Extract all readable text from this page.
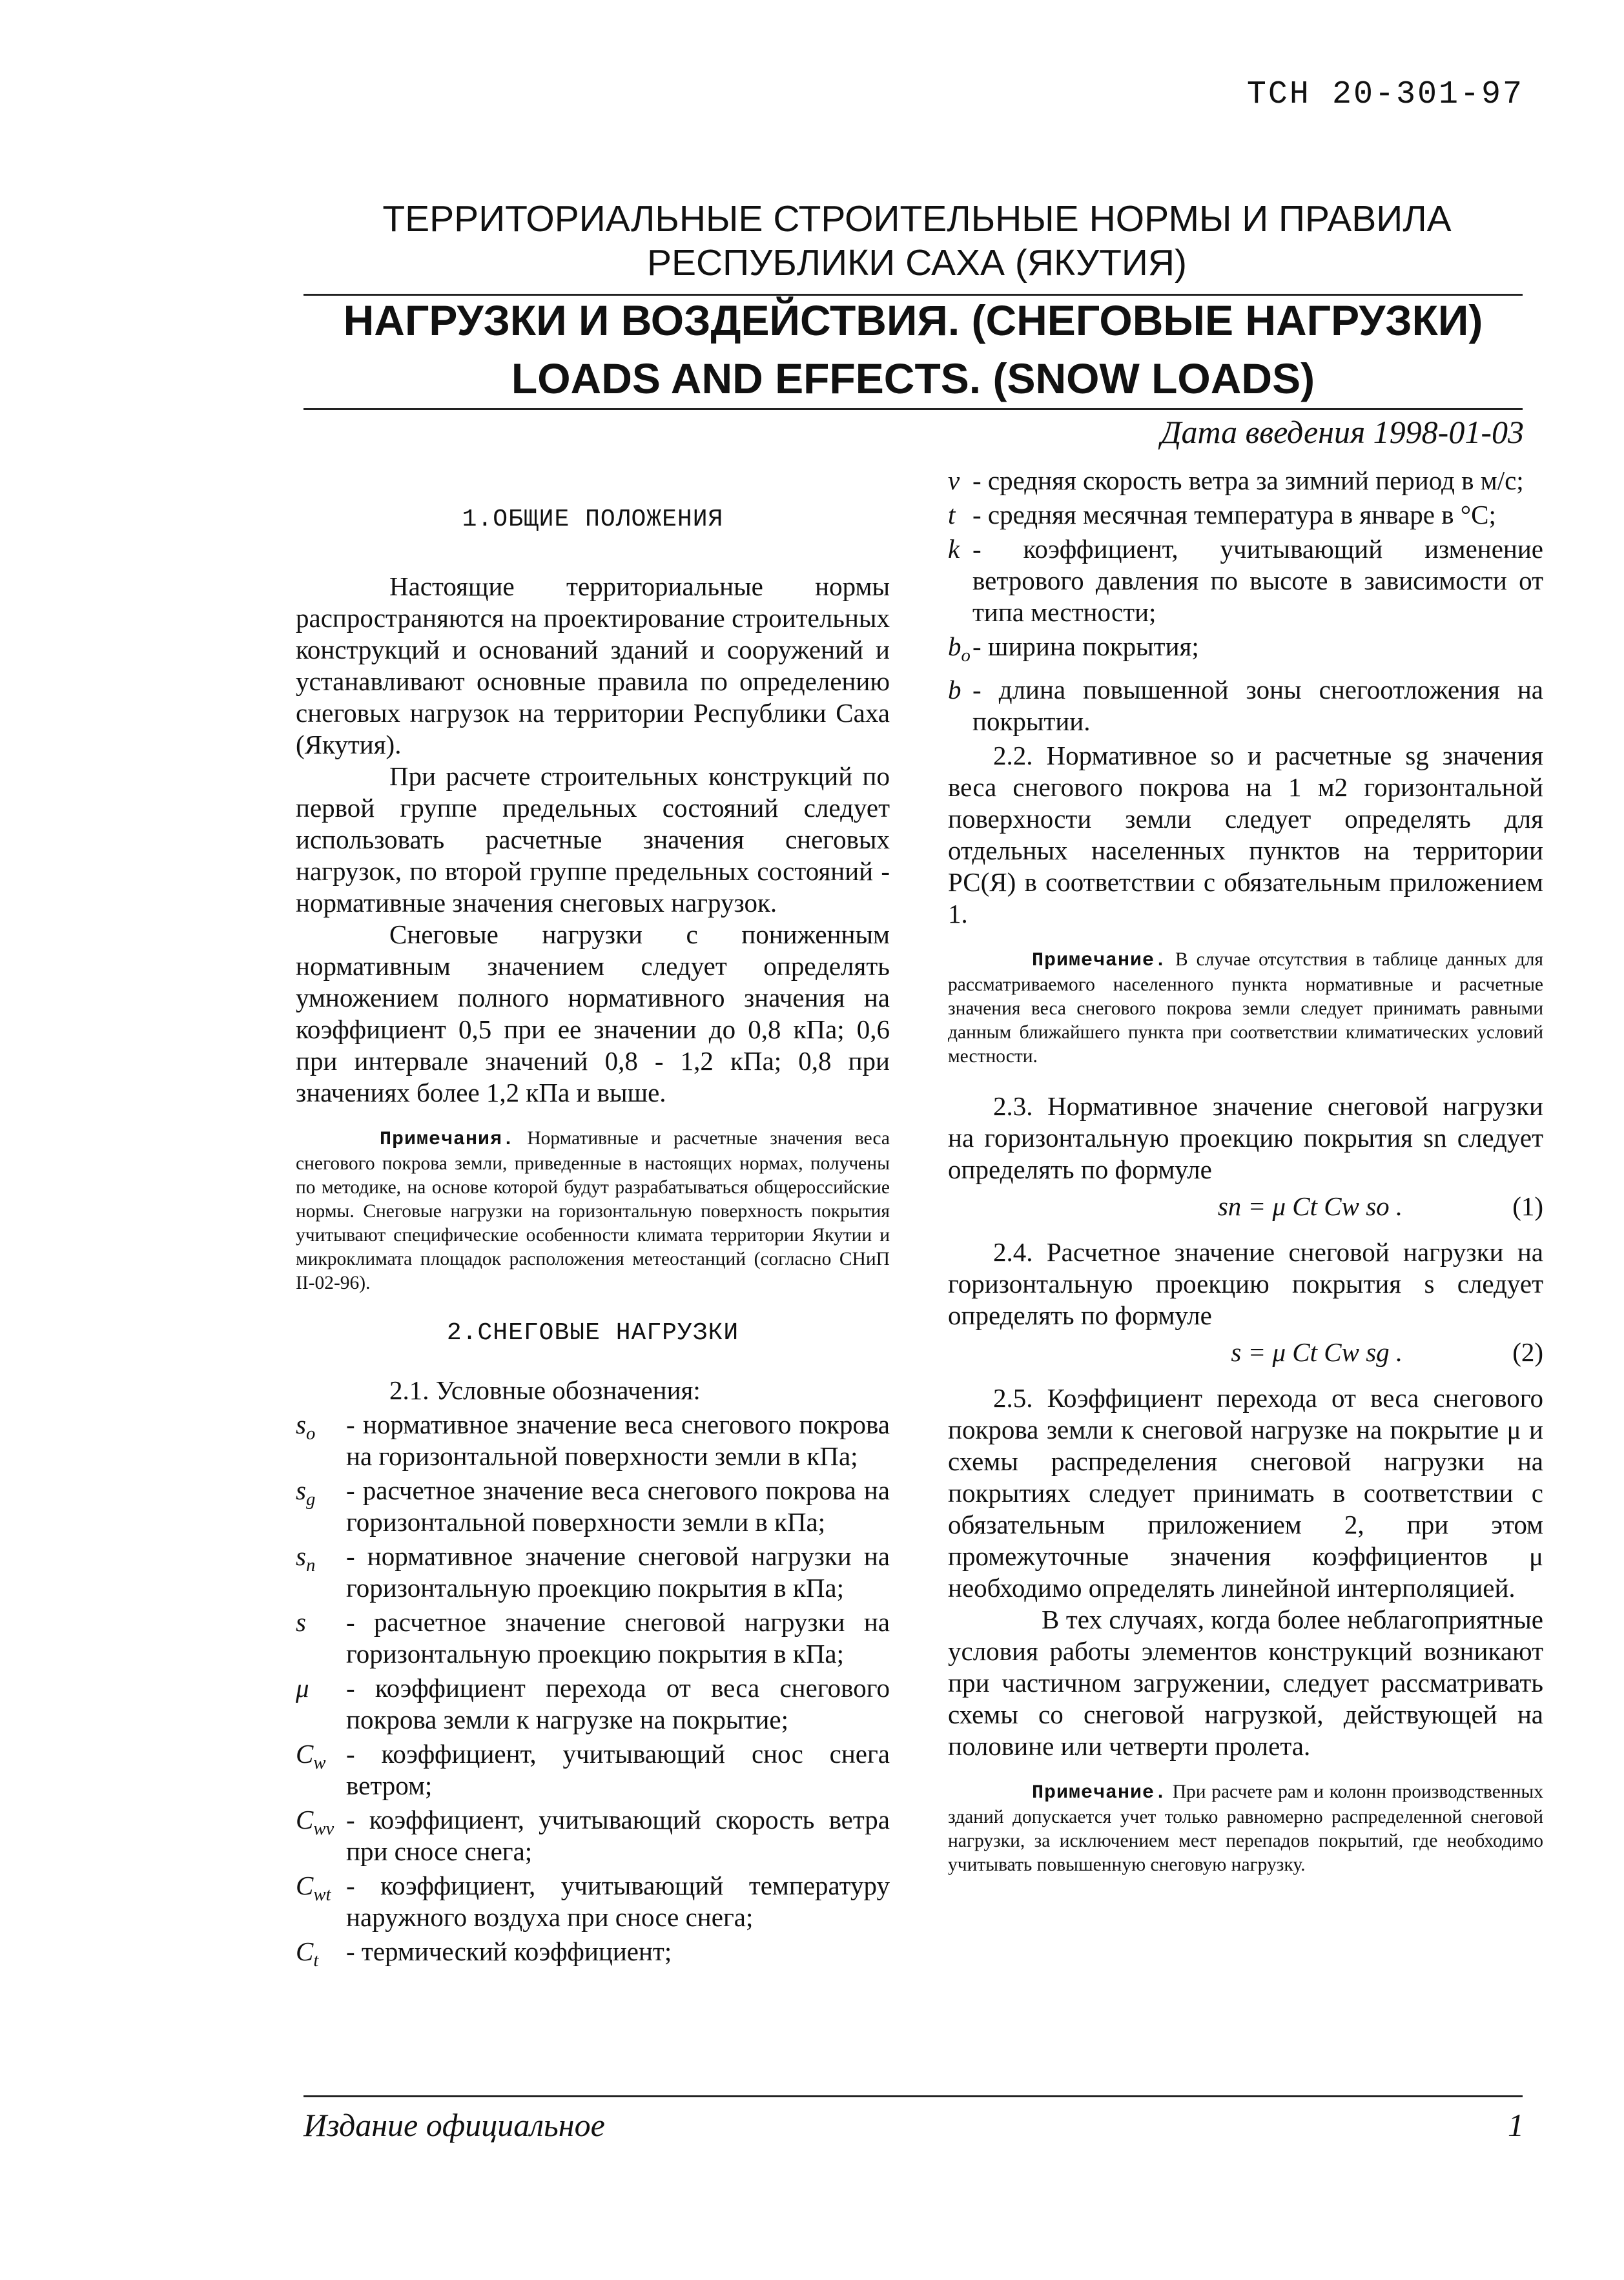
ТСН 20-301-97
ТЕРРИТОРИАЛЬНЫЕ СТРОИТЕЛЬНЫЕ НОРМЫ И ПРАВИЛА
РЕСПУБЛИКИ САХА (ЯКУТИЯ)
НАГРУЗКИ И ВОЗДЕЙСТВИЯ. (СНЕГОВЫЕ НАГРУЗКИ)
LOADS AND EFFECTS. (SNOW LOADS)
Дата введения 1998-01-03
1.ОБЩИЕ ПОЛОЖЕНИЯ

Настоящие территориальные нормы распространяются на проектирование строительных конструкций и оснований зданий и сооружений и устанавливают основные правила по определению снеговых нагрузок на территории Республики Саха (Якутия).

При расчете строительных конструкций по первой группе предельных состояний следует использовать расчетные значения снеговых нагрузок, по второй группе предельных состояний - нормативные значения снеговых нагрузок.

Снеговые нагрузки с пониженным нормативным значением следует определять умножением полного нормативного значения на коэффициент 0,5 при ее значении до 0,8 кПа; 0,6 при интервале значений 0,8 - 1,2 кПа; 0,8 при значениях более 1,2 кПа и выше.

Примечания. Нормативные и расчетные значения веса снегового покрова земли, приведенные в настоящих нормах, получены по методике, на основе которой будут разрабатываться общероссийские нормы. Снеговые нагрузки на горизонтальную поверхность покрытия учитывают специфические особенности климата территории Якутии и микроклимата площадок расположения метеостанций (согласно СНиП II-02-96).
2.СНЕГОВЫЕ НАГРУЗКИ

2.1. Условные обозначения:

$s_o$	- нормативное значение веса снегового покрова на горизонтальной поверхности земли в кПа;
$s_g$	- расчетное значение веса снегового покрова на горизонтальной поверхности земли в кПа;
$s_n$	- нормативное значение снеговой нагрузки на горизонтальную проекцию покрытия в кПа;
s	- расчетное значение снеговой нагрузки на горизонтальную проекцию покрытия в кПа;
μ	- коэффициент перехода от веса снегового покрова земли к нагрузке на покрытие;
$C_w$ - коэффициент, учитывающий снос снега ветром;
$C_{wv}$ - коэффициент, учитывающий скорость ветра при сносе снега;
$C_{wt}$ - коэффициент, учитывающий температуру наружного воздуха при сносе снега;
$C_t$	- термический коэффициент;
v - средняя скорость ветра за зимний период в м/с;
t - средняя месячная температура в январе в °С;
k - коэффициент, учитывающий изменение ветрового давления по высоте в зависимости от типа местности;
$b_o$ - ширина покрытия;
b - длина повышенной зоны снегоотложения на покрытии.

2.2. Нормативное so и расчетные sg значения веса снегового покрова на 1 м2 горизонтальной поверхности земли следует определять для отдельных населенных пунктов на территории РС(Я) в соответствии с обязательным приложением 1.

Примечание. В случае отсутствия в таблице данных для рассматриваемого населенного пункта нормативные и расчетные значения веса снегового покрова земли следует принимать равными данным ближайшего пункта при соответствии климатических условий местности.

2.3. Нормативное значение снеговой нагрузки на горизонтальную проекцию покрытия sn следует определять по формуле

sn = μ Ct Cw so .	(1)

2.4. Расчетное значение снеговой нагрузки на горизонтальную проекцию покрытия s следует определять по формуле

s = μ Ct Cw sg .	(2)

2.5. Коэффициент перехода от веса снегового покрова земли к снеговой нагрузке на покрытие μ и схемы распределения снеговой нагрузки на покрытиях следует принимать в соответствии с обязательным приложением 2, при этом промежуточные значения коэффициентов μ необходимо определять линейной интерполяцией.

В тех случаях, когда более неблагоприятные условия работы элементов конструкций возникают при частичном загружении, следует рассматривать схемы со снеговой нагрузкой, действующей на половине или четверти пролета.

Примечание. При расчете рам и колонн производственных зданий допускается учет только равномерно распределенной снеговой нагрузки, за исключением мест перепадов покрытий, где необходимо учитывать повышенную снеговую нагрузку.
Издание официальное	1
